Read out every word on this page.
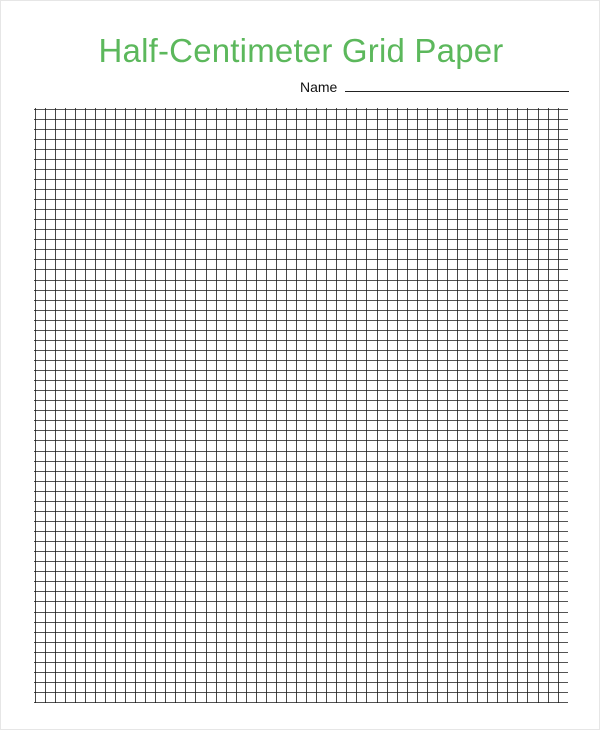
Half-Centimeter Grid Paper
Name
